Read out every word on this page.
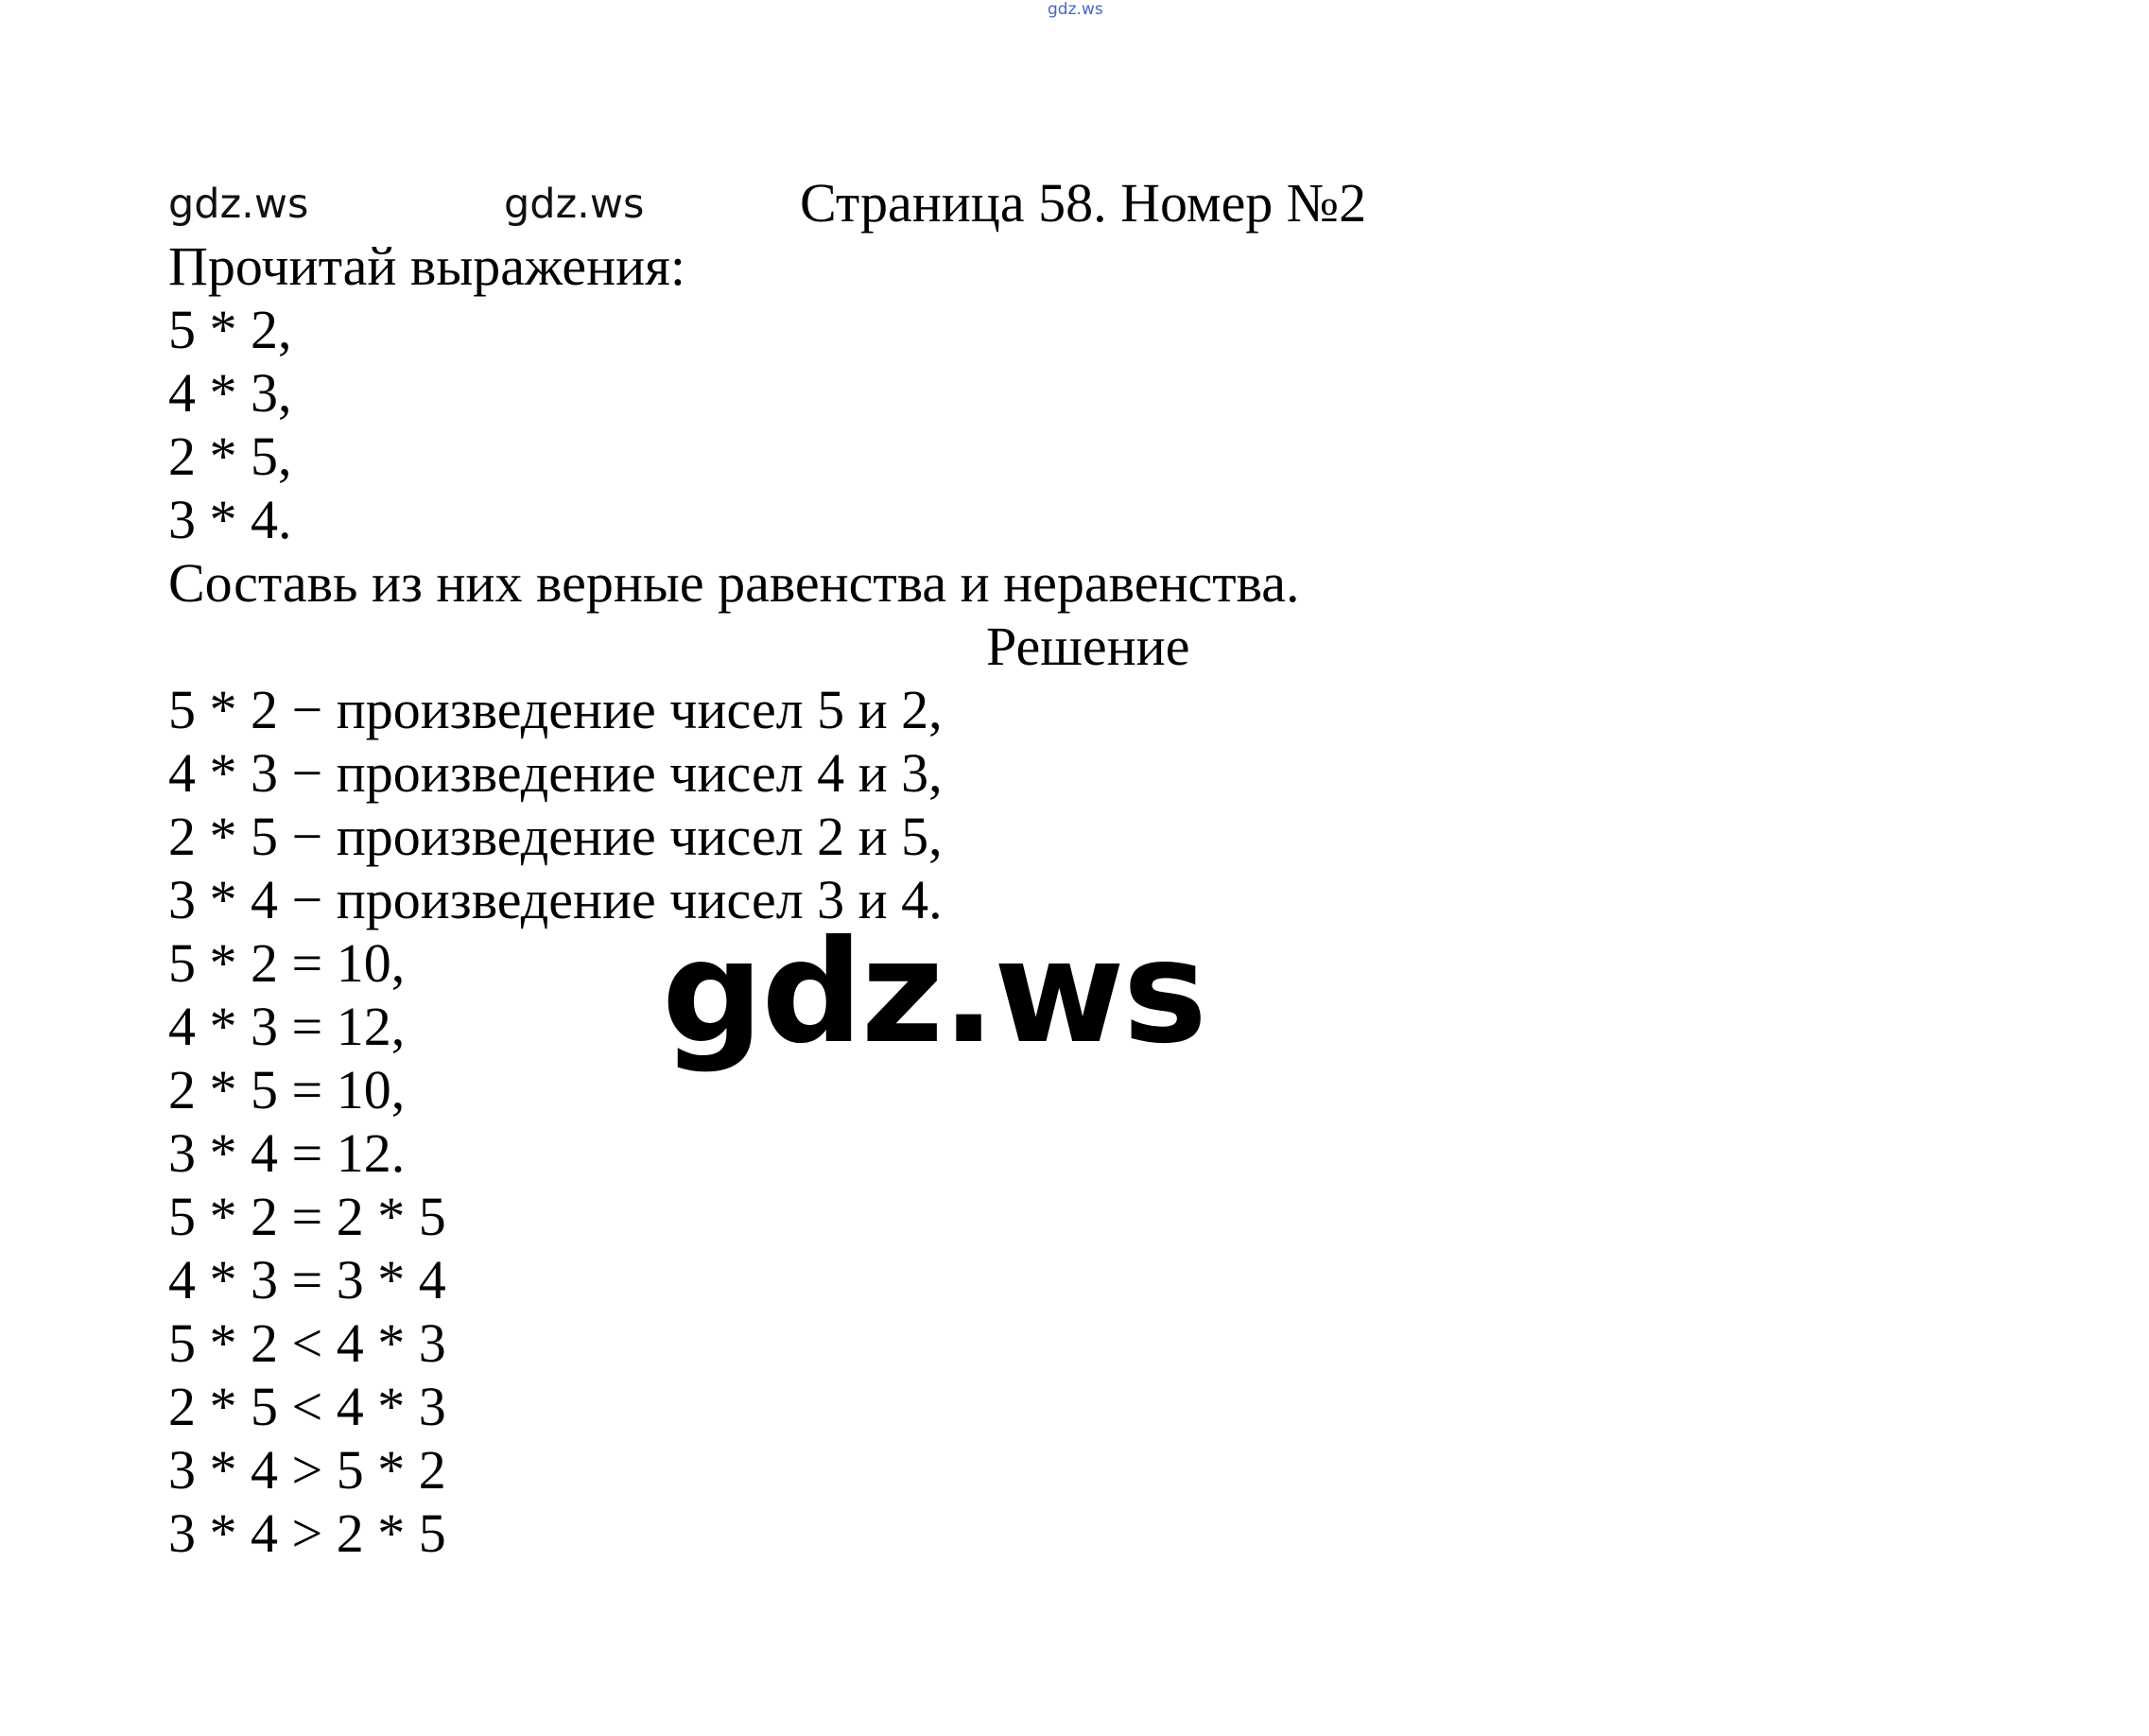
gdz.ws
gdz.ws	gdz.ws	Страница 58. Номер №2
Прочитай выражения:
5 * 2,
4 * 3,
2 * 5,
3 * 4.
Составь из них верные равенства и неравенства.
Решение
5 * 2 − произведение чисел 5 и 2,
4 * 3 − произведение чисел 4 и 3,
2 * 5 − произведение чисел 2 и 5,
3 * 4 − произведение чисел 3 и 4.
5 * 2 = 10,
4 * 3 = 12,
2 * 5 = 10,
3 * 4 = 12.
5 * 2 = 2 * 5
4 * 3 = 3 * 4
5 * 2 < 4 * 3
2 * 5 < 4 * 3
3 * 4 > 5 * 2
3 * 4 > 2 * 5
gdz.ws
